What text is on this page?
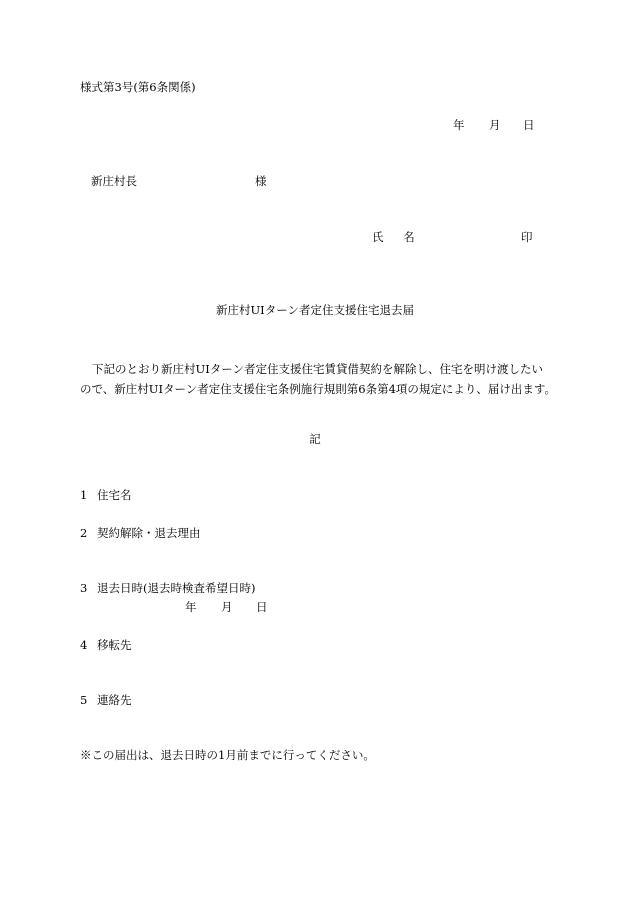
様式第3号(第6条関係)
年 月 日
新庄村長	様
氏 名	印
新庄村UIターン者定住支援住宅退去届
下記のとおり新庄村UIターン者定住支援住宅賃貸借契約を解除し、住宅を明け渡したい
ので、新庄村UIターン者定住支援住宅条例施行規則第6条第4項の規定により、届け出ます。
記
1 住宅名
2 契約解除・退去理由
3 退去日時(退去時検査希望日時)
年 月 日
4 移転先
5 連絡先
※この届出は、退去日時の1月前までに行ってください。
